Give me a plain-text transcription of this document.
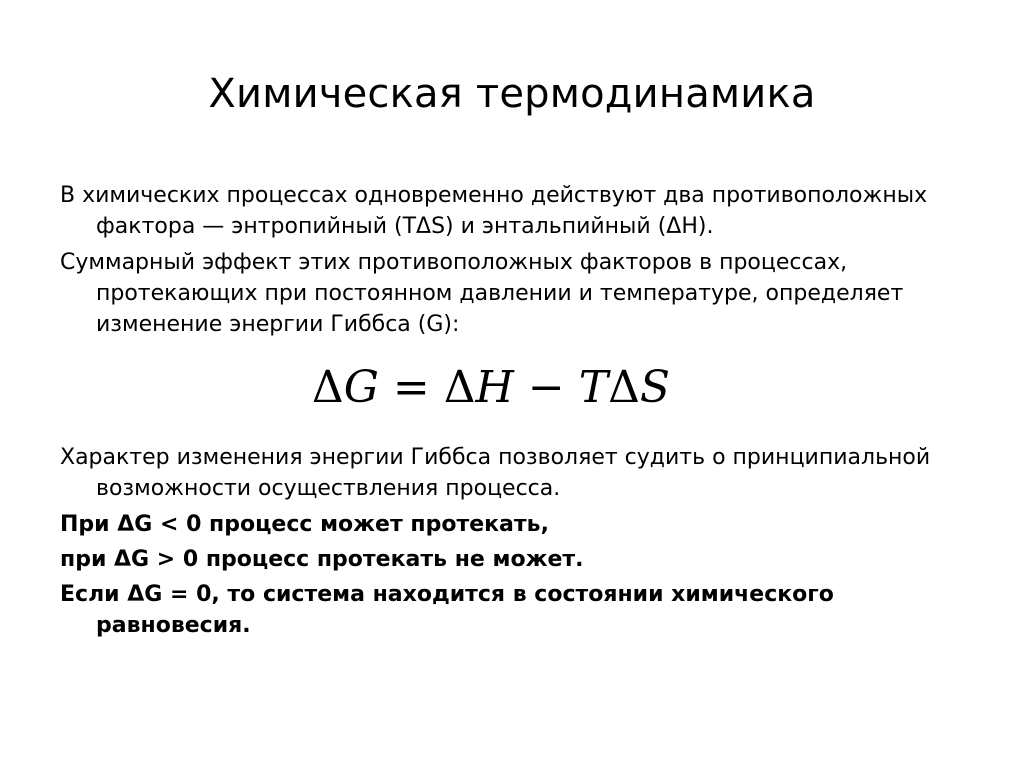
Химическая термодинамика

В химических процессах одновременно действуют два противоположных фактора — энтропийный (TΔS) и энтальпийный (ΔH).

Суммарный эффект этих противоположных факторов в процессах, протекающих при постоянном давлении и температуре, определяет изменение энергии Гиббса (G):

ΔG = ΔH − TΔS

Характер изменения энергии Гиббса позволяет судить о принципиальной возможности осуществления процесса.

При ΔG < 0 процесс может протекать,

при ΔG > 0 процесс протекать не может.

Если ΔG = 0, то система находится в состоянии химического равновесия.
